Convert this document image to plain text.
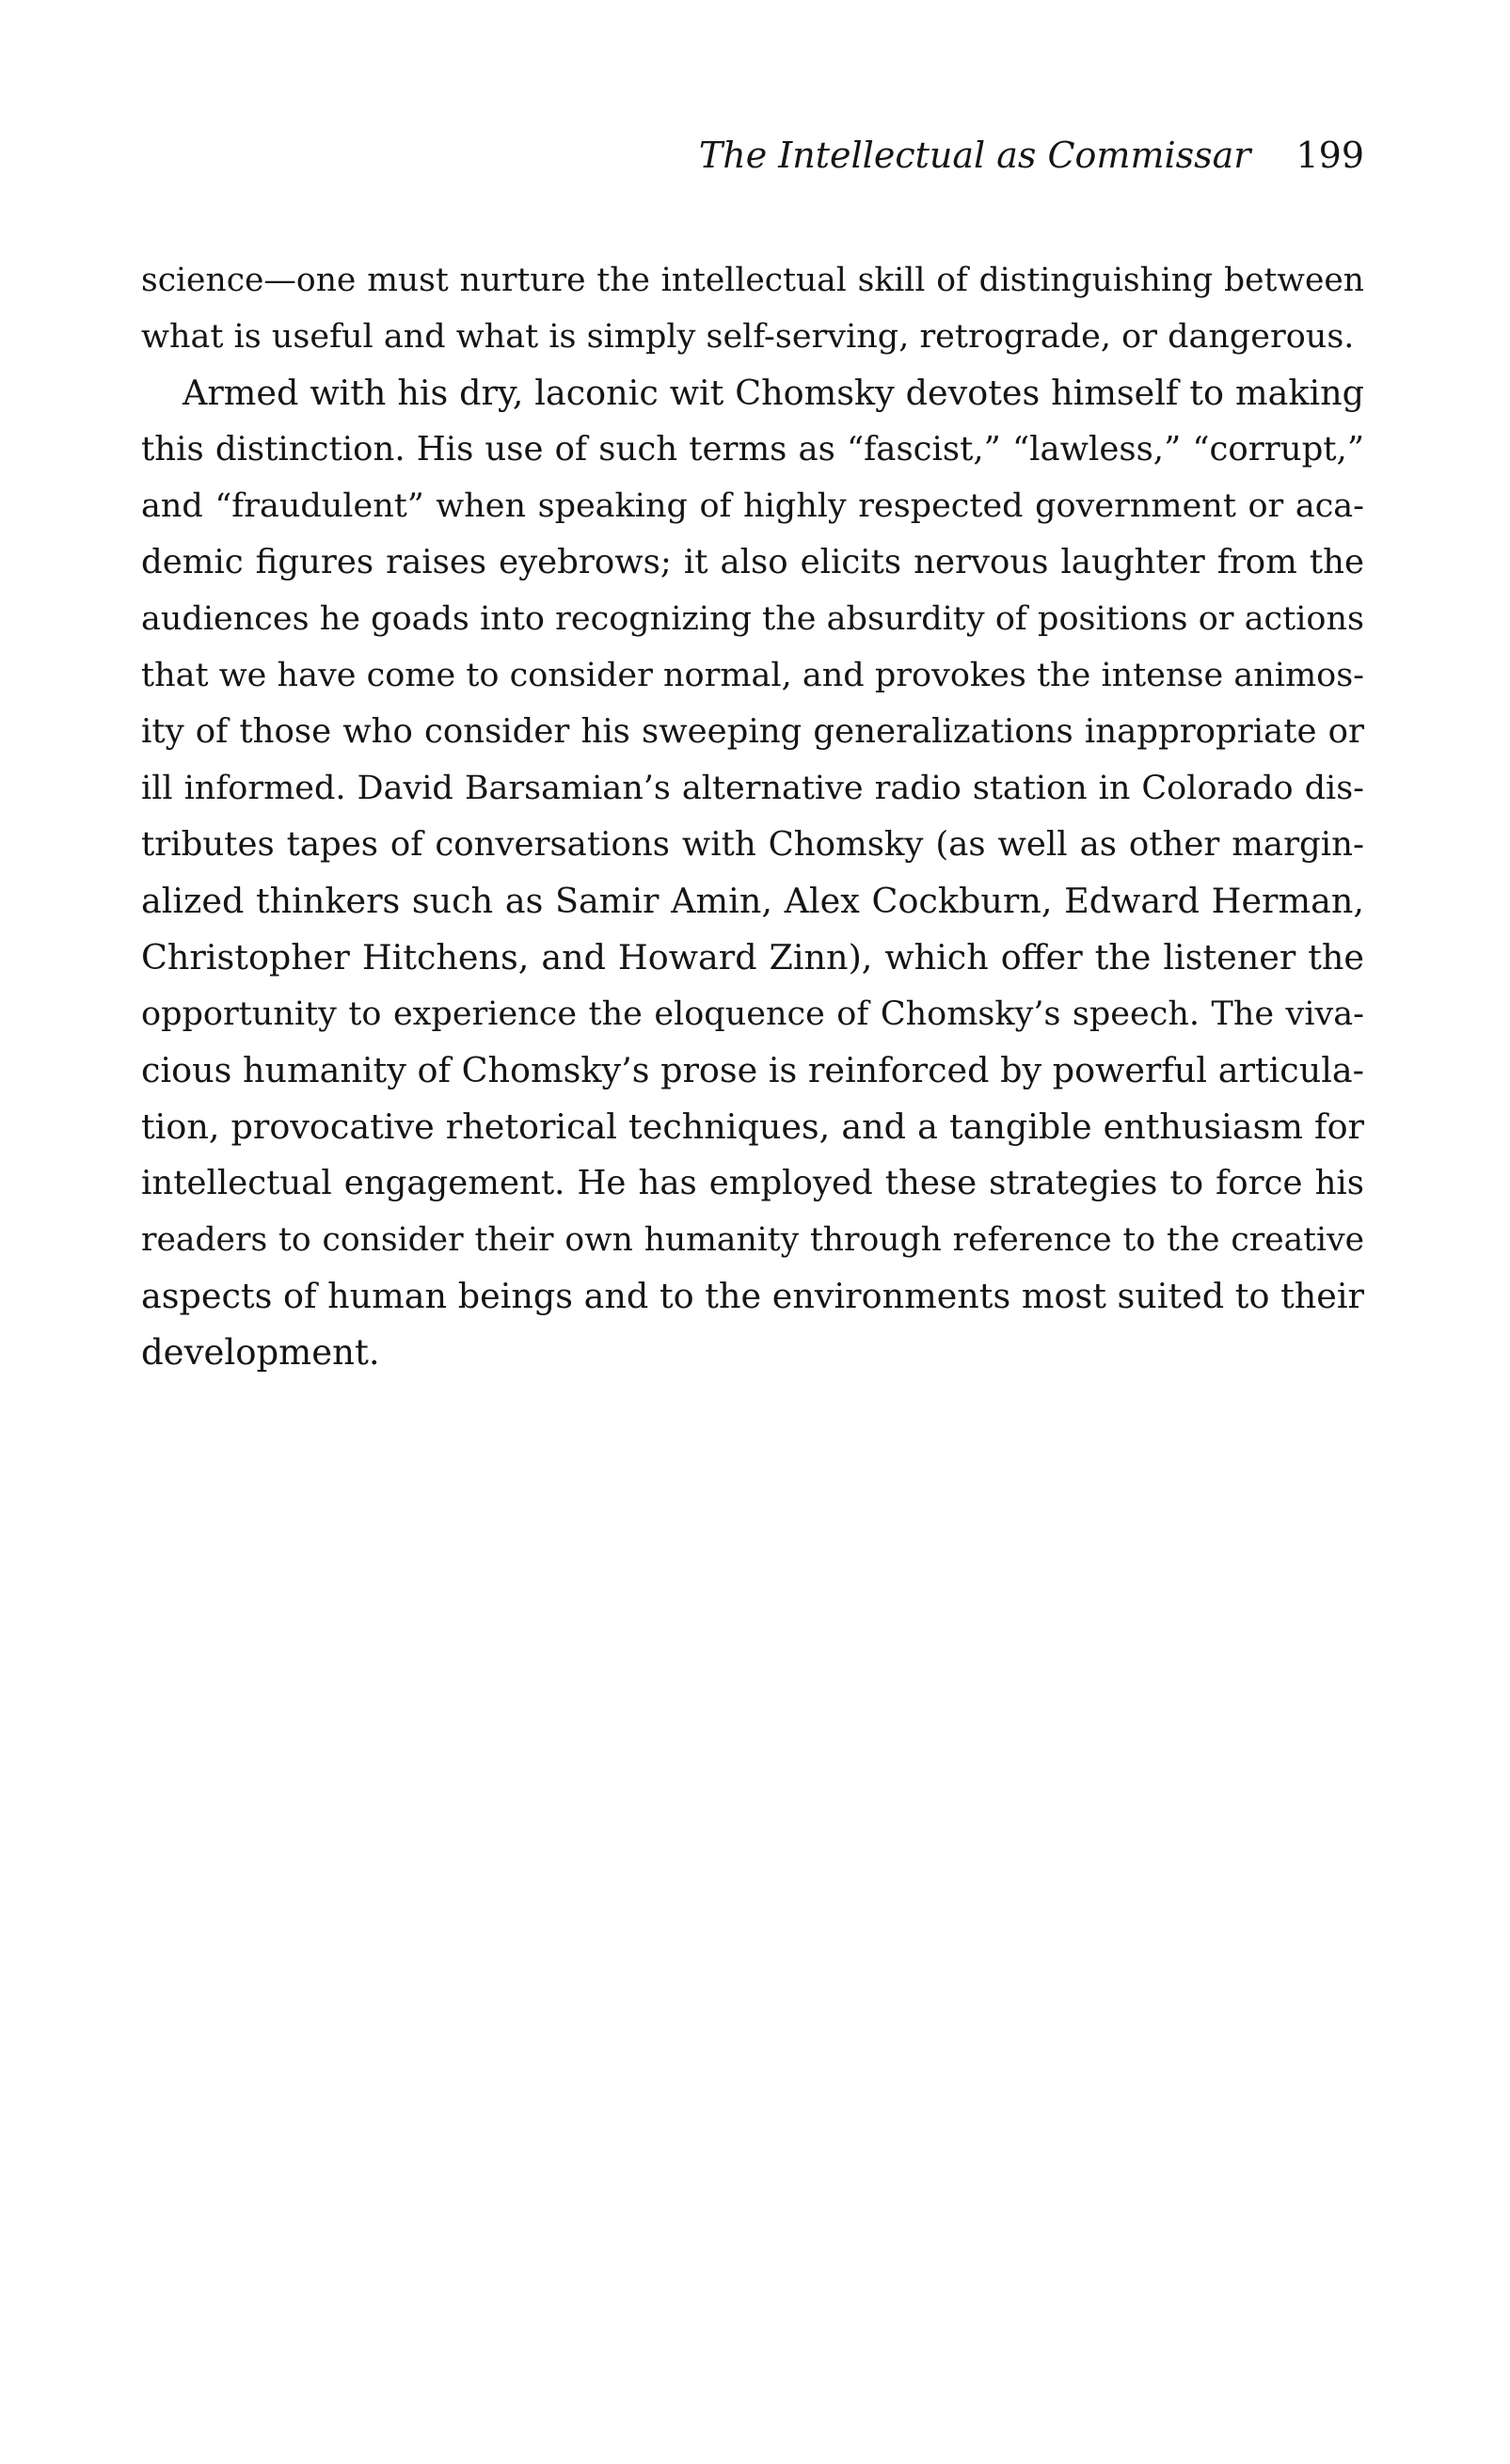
The Intellectual as Commissar 199
science—one must nurture the intellectual skill of distinguishing between
what is useful and what is simply self-serving, retrograde, or dangerous.
Armed with his dry, laconic wit Chomsky devotes himself to making
this distinction. His use of such terms as “fascist,” “lawless,” “corrupt,”
and “fraudulent” when speaking of highly respected government or aca-
demic figures raises eyebrows; it also elicits nervous laughter from the
audiences he goads into recognizing the absurdity of positions or actions
that we have come to consider normal, and provokes the intense animos-
ity of those who consider his sweeping generalizations inappropriate or
ill informed. David Barsamian’s alternative radio station in Colorado dis-
tributes tapes of conversations with Chomsky (as well as other margin-
alized thinkers such as Samir Amin, Alex Cockburn, Edward Herman,
Christopher Hitchens, and Howard Zinn), which offer the listener the
opportunity to experience the eloquence of Chomsky’s speech. The viva-
cious humanity of Chomsky’s prose is reinforced by powerful articula-
tion, provocative rhetorical techniques, and a tangible enthusiasm for
intellectual engagement. He has employed these strategies to force his
readers to consider their own humanity through reference to the creative
aspects of human beings and to the environments most suited to their
development.
